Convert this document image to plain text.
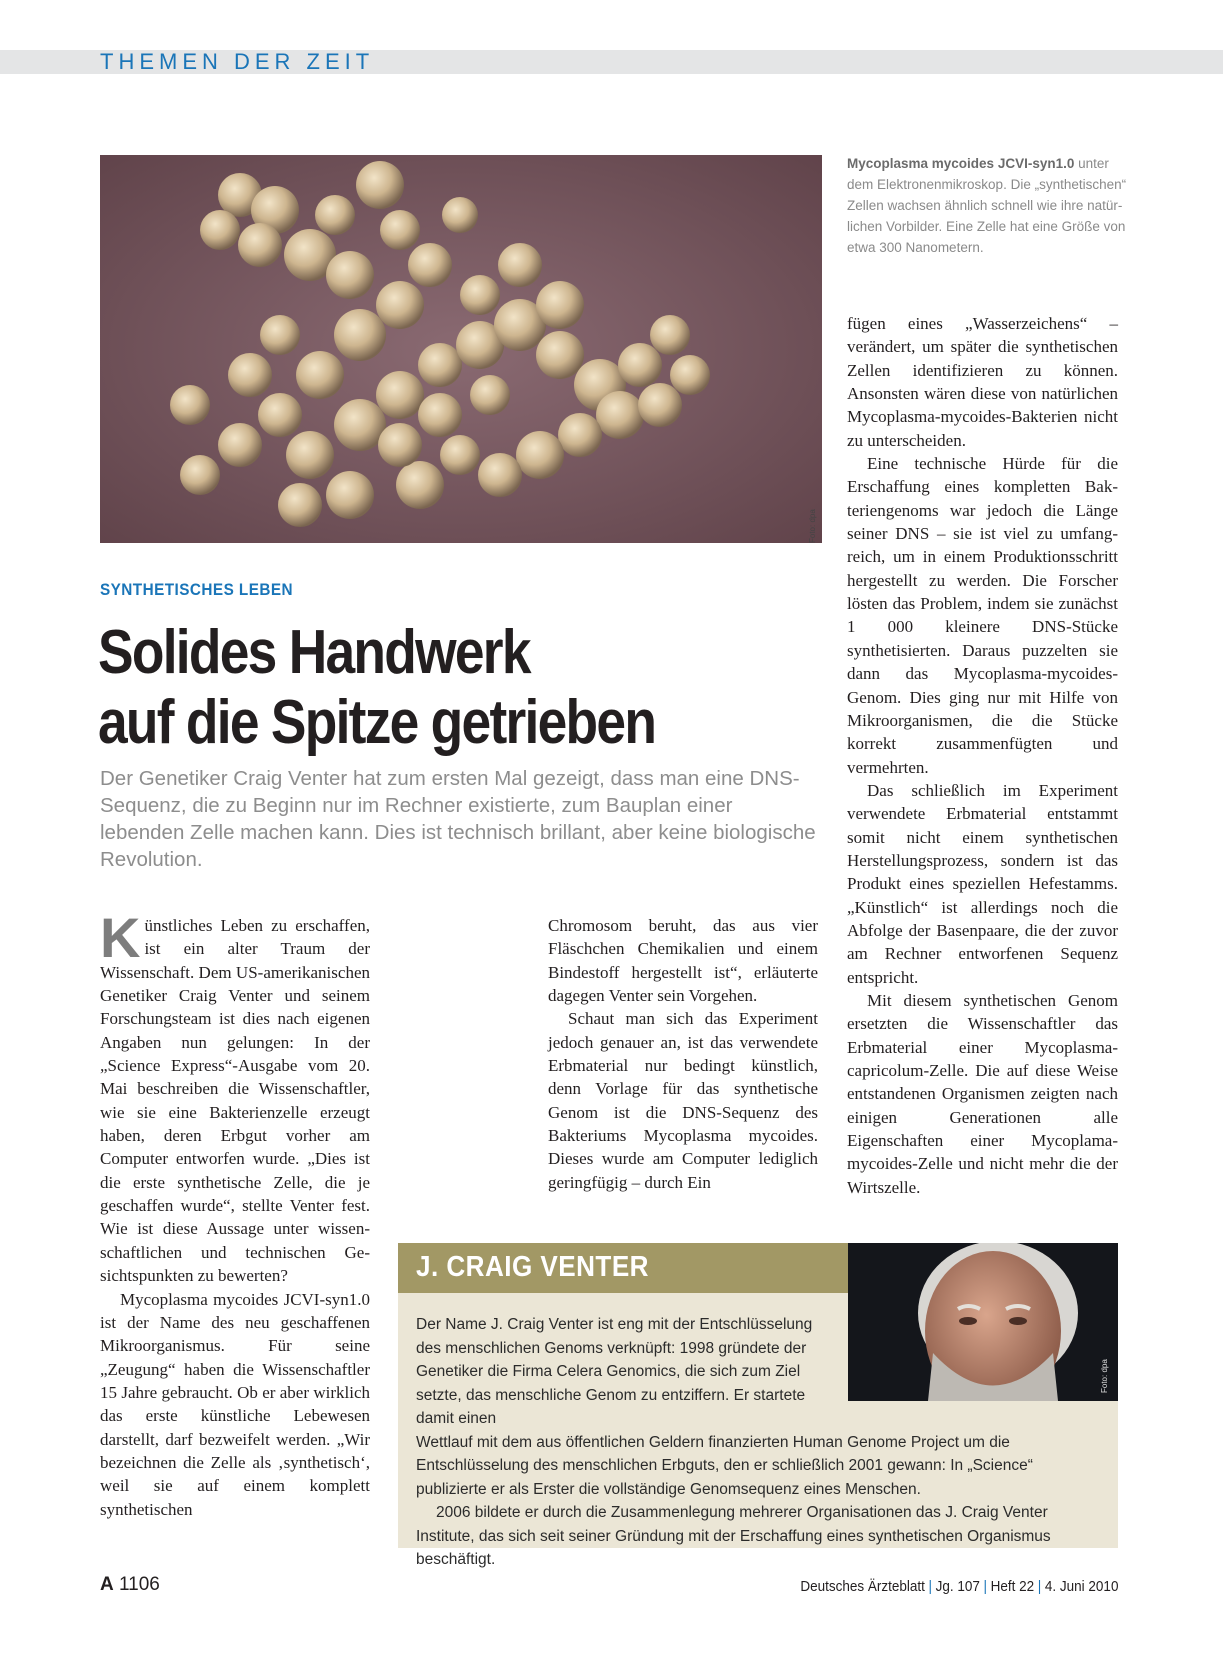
THEMEN DER ZEIT
Foto: dpa
Mycoplasma mycoides JCVI-syn1.0 unter dem Elektronenmikroskop. Die „synthetischen“ Zellen wachsen ähnlich schnell wie ihre natürlichen Vorbilder. Eine Zelle hat eine Größe von etwa 300 Nanometern.
SYNTHETISCHES LEBEN
Solides Handwerk
auf die Spitze getrieben
Der Genetiker Craig Venter hat zum ersten Mal gezeigt, dass man eine DNS-Sequenz, die zu Beginn nur im Rechner existierte, zum Bauplan einer lebenden Zelle machen kann. Dies ist technisch brillant, aber keine biologische Revolution.

Künstliches Leben zu erschaffen, ist ein alter Traum der Wissenschaft. Dem US-amerikanischen Genetiker Craig Venter und seinem Forschungsteam ist dies nach eigenen Angaben nun gelungen: In der „Science Express“-Ausgabe vom 20. Mai beschreiben die Wissenschaftler, wie sie eine Bakterienzelle erzeugt haben, deren Erbgut vorher am Computer entworfen wurde. „Dies ist die erste synthetische Zelle, die je geschaffen wurde“, stellte Venter fest. Wie ist diese Aussage unter wissenschaftlichen und technischen Gesichtspunkten zu bewerten?

Mycoplasma mycoides JCVI-syn1.0 ist der Name des neu geschaffenen Mikroorganismus. Für seine „Zeugung“ haben die Wissenschaftler 15 Jahre gebraucht. Ob er aber wirklich das erste künstliche Lebewesen darstellt, darf bezweifelt werden. „Wir bezeichnen die Zelle als ‚synthetisch‘, weil sie auf einem komplett synthetischen

Chromosom beruht, das aus vier Fläschchen Chemikalien und einem Bindestoff hergestellt ist“, erläuterte dagegen Venter sein Vorgehen.

Schaut man sich das Experiment jedoch genauer an, ist das verwendete Erbmaterial nur bedingt künstlich, denn Vorlage für das synthetische Genom ist die DNS-Sequenz des Bakteriums Mycoplasma mycoides. Dieses wurde am Computer lediglich geringfügig – durch Ein

fügen eines „Wasserzeichens“ – verändert, um später die synthetischen Zellen identifizieren zu können. Ansonsten wären diese von natürlichen Mycoplasma-mycoides-Bakterien nicht zu unterscheiden.

Eine technische Hürde für die Erschaffung eines kompletten Bakteriengenoms war jedoch die Länge seiner DNS – sie ist viel zu umfangreich, um in einem Produktionsschritt hergestellt zu werden. Die Forscher lösten das Problem, indem sie zunächst 1 000 kleinere DNS-Stücke synthetisierten. Daraus puzzelten sie dann das Mycoplasma-mycoides-Genom. Dies ging nur mit Hilfe von Mikroorganismen, die die Stücke korrekt zusammenfügten und vermehrten.

Das schließlich im Experiment verwendete Erbmaterial entstammt somit nicht einem synthetischen Herstellungsprozess, sondern ist das Produkt eines speziellen Hefestamms. „Künstlich“ ist allerdings noch die Abfolge der Basenpaare, die der zuvor am Rechner entworfenen Sequenz entspricht.

Mit diesem synthetischen Genom ersetzten die Wissenschaftler das Erbmaterial einer Mycoplasma-capricolum-Zelle. Die auf diese Weise entstandenen Organismen zeigten nach einigen Generationen alle Eigenschaften einer Mycoplama-mycoides-Zelle und nicht mehr die der Wirtszelle.

J. CRAIG VENTER
Foto: dpa
Der Name J. Craig Venter ist eng mit der Entschlüsselung des menschlichen Genoms verknüpft: 1998 gründete der Genetiker die Firma Celera Genomics, die sich zum Ziel setzte, das menschliche Genom zu entziffern. Er startete damit einen
Wettlauf mit dem aus öffentlichen Geldern finanzierten Human Genome Project um die Entschlüsselung des menschlichen Erbguts, den er schließlich 2001 gewann: In „Science“ publizierte er als Erster die vollständige Genomsequenz eines Menschen.
2006 bildete er durch die Zusammenlegung mehrerer Organisationen das J. Craig Venter Institute, das sich seit seiner Gründung mit der Erschaffung eines synthetischen Organismus beschäftigt.
A 1106	Deutsches Ärzteblatt | Jg. 107 | Heft 22 | 4. Juni 2010
